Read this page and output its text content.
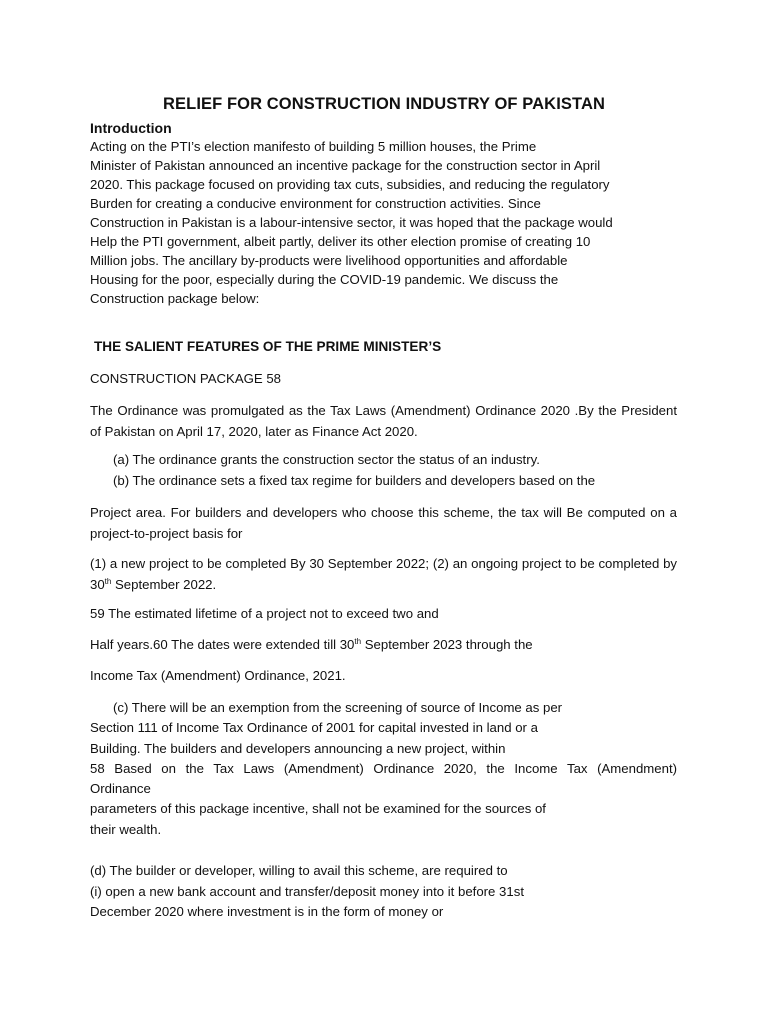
RELIEF FOR CONSTRUCTION INDUSTRY OF PAKISTAN
Introduction
Acting on the PTI’s election manifesto of building 5 million houses, the Prime
Minister of Pakistan announced an incentive package for the construction sector in April
2020. This package focused on providing tax cuts, subsidies, and reducing the regulatory
Burden for creating a conducive environment for construction activities. Since
Construction in Pakistan is a labour-intensive sector, it was hoped that the package would
Help the PTI government, albeit partly, deliver its other election promise of creating 10
Million jobs. The ancillary by-products were livelihood opportunities and affordable
Housing for the poor, especially during the COVID-19 pandemic. We discuss the
Construction package below:
THE SALIENT FEATURES OF THE PRIME MINISTER’S
CONSTRUCTION PACKAGE 58
The Ordinance was promulgated as the Tax Laws (Amendment) Ordinance 2020 .By the President of Pakistan on April 17, 2020, later as Finance Act 2020.
(a) The ordinance grants the construction sector the status of an industry.
(b) The ordinance sets a fixed tax regime for builders and developers based on the
Project area. For builders and developers who choose this scheme, the tax will Be computed on a project-to-project basis for
(1) a new project to be completed By 30 September 2022; (2) an ongoing project to be completed by 30th September 2022.
59 The estimated lifetime of a project not to exceed two and
Half years.60 The dates were extended till 30th September 2023 through the
Income Tax (Amendment) Ordinance, 2021.
(c) There will be an exemption from the screening of source of Income as per
Section 111 of Income Tax Ordinance of 2001 for capital invested in land or a
Building. The builders and developers announcing a new project, within
58 Based on the Tax Laws (Amendment) Ordinance 2020, the Income Tax (Amendment)
Ordinance
parameters of this package incentive, shall not be examined for the sources of
their wealth.
(d) The builder or developer, willing to avail this scheme, are required to
(i) open a new bank account and transfer/deposit money into it before 31st
December 2020 where investment is in the form of money or
